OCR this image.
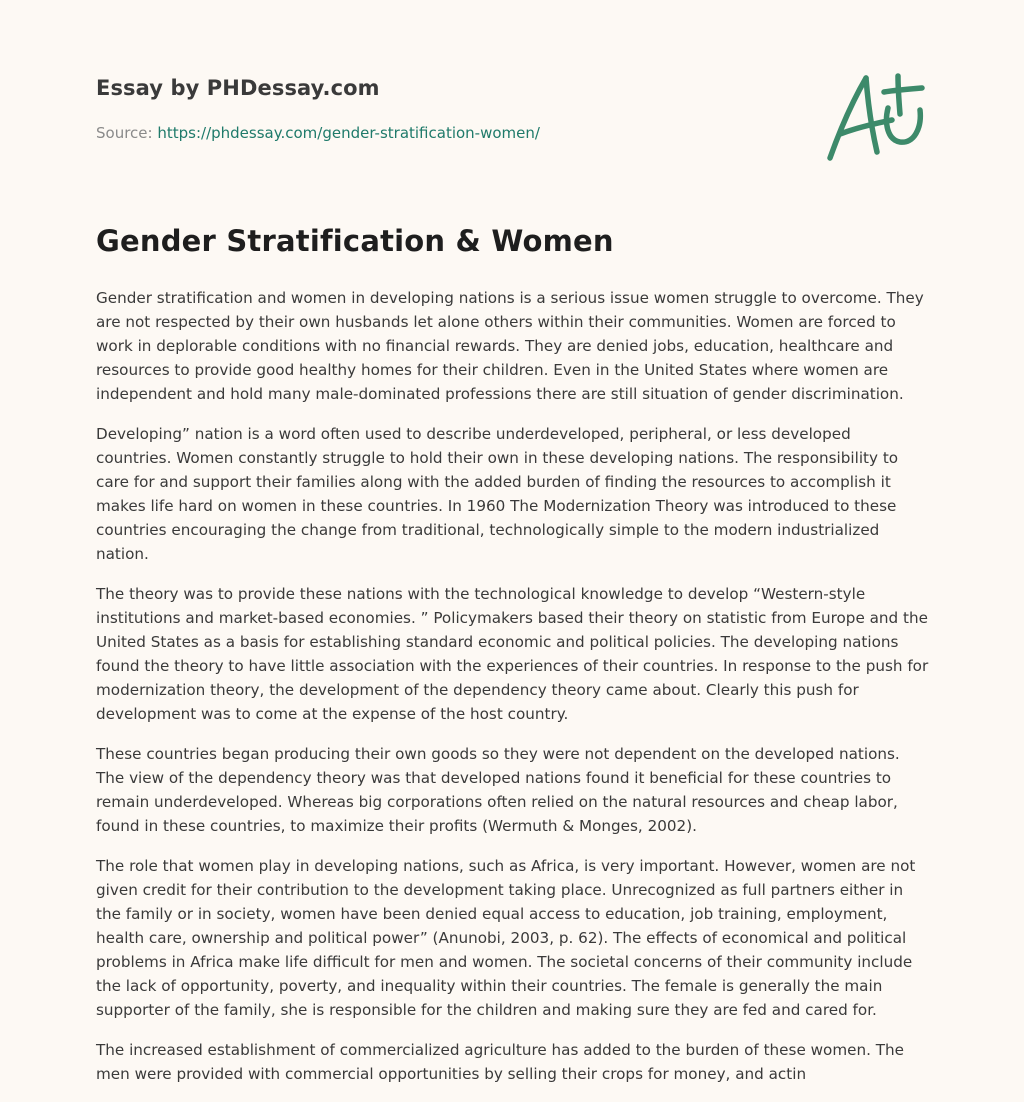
Essay by PHDessay.com
Source: https://phdessay.com/gender-stratification-women/
Gender Stratification & Women

Gender stratification and women in developing nations is a serious issue women struggle to overcome. They are not respected by their own husbands let alone others within their communities. Women are forced to work in deplorable conditions with no financial rewards. They are denied jobs, education, healthcare and resources to provide good healthy homes for their children. Even in the United States where women are independent and hold many male-dominated professions there are still situation of gender discrimination.

Developing” nation is a word often used to describe underdeveloped, peripheral, or less developed countries. Women constantly struggle to hold their own in these developing nations. The responsibility to care for and support their families along with the added burden of finding the resources to accomplish it makes life hard on women in these countries. In 1960 The Modernization Theory was introduced to these countries encouraging the change from traditional, technologically simple to the modern industrialized nation.

The theory was to provide these nations with the technological knowledge to develop “Western-style institutions and market-based economies. ” Policymakers based their theory on statistic from Europe and the United States as a basis for establishing standard economic and political policies. The developing nations found the theory to have little association with the experiences of their countries. In response to the push for modernization theory, the development of the dependency theory came about. Clearly this push for development was to come at the expense of the host country.

These countries began producing their own goods so they were not dependent on the developed nations. The view of the dependency theory was that developed nations found it beneficial for these countries to remain underdeveloped. Whereas big corporations often relied on the natural resources and cheap labor, found in these countries, to maximize their profits (Wermuth & Monges, 2002).

The role that women play in developing nations, such as Africa, is very important. However, women are not given credit for their contribution to the development taking place. Unrecognized as full partners either in the family or in society, women have been denied equal access to education, job training, employment, health care, ownership and political power” (Anunobi, 2003, p. 62). The effects of economical and political problems in Africa make life difficult for men and women. The societal concerns of their community include the lack of opportunity, poverty, and inequality within their countries. The female is generally the main supporter of the family, she is responsible for the children and making sure they are fed and cared for.

The increased establishment of commercialized agriculture has added to the burden of these women. The men were provided with commercial opportunities by selling their crops for money, and actin
